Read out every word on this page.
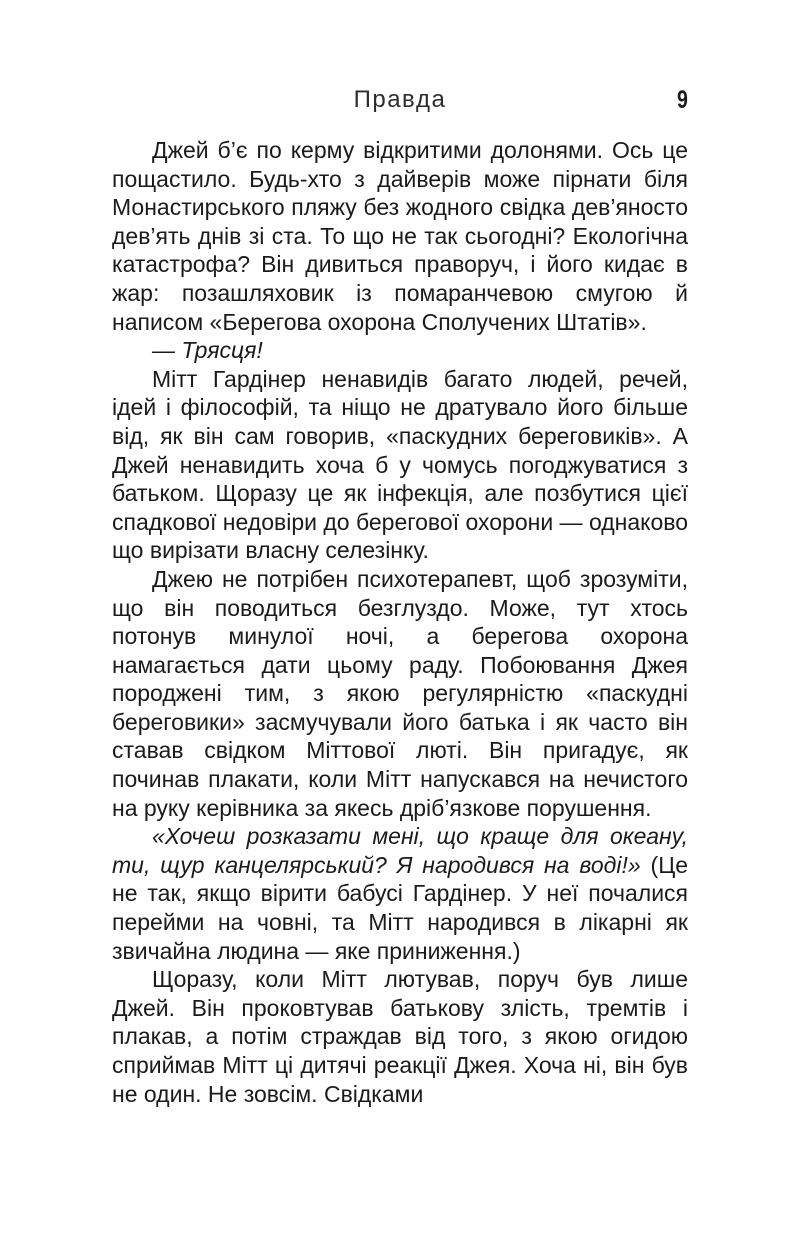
Правда	9

Джей б’є по керму відкритими долонями. Ось це пощастило. Будь-хто з дайверів може пірнати біля Монастирського пляжу без жодного свідка дев’яносто дев’ять днів зі ста. То що не так сьогодні? Екологічна катастрофа? Він дивиться праворуч, і його кидає в жар: позашляховик із помаранчевою смугою й написом «Берегова охорона Сполучених Штатів».

— Трясця!

Мітт Гардінер ненавидів багато людей, речей, ідей і філософій, та ніщо не дратувало його більше від, як він сам говорив, «паскудних береговиків». А Джей ненавидить хоча б у чомусь погоджуватися з батьком. Щоразу це як інфекція, але позбутися цієї спадкової недовіри до берегової охорони — однаково що вирізати власну селезінку.

Джею не потрібен психотерапевт, щоб зрозуміти, що він поводиться безглуздо. Може, тут хтось потонув минулої ночі, а берегова охорона намагається дати цьому раду. Побоювання Джея породжені тим, з якою регулярністю «паскудні береговики» засмучували його батька і як часто він ставав свідком Міттової люті. Він пригадує, як починав плакати, коли Мітт напускався на нечистого на руку керівника за якесь дріб’язкове порушення.

«Хочеш розказати мені, що краще для океану, ти, щур канцелярський? Я народився на воді!» (Це не так, якщо вірити бабусі Гардінер. У неї почалися перейми на човні, та Мітт народився в лікарні як звичайна людина — яке приниження.)

Щоразу, коли Мітт лютував, поруч був лише Джей. Він проковтував батькову злість, тремтів і плакав, а потім страждав від того, з якою огидою сприймав Мітт ці дитячі реакції Джея. Хоча ні, він був не один. Не зовсім. Свідками
